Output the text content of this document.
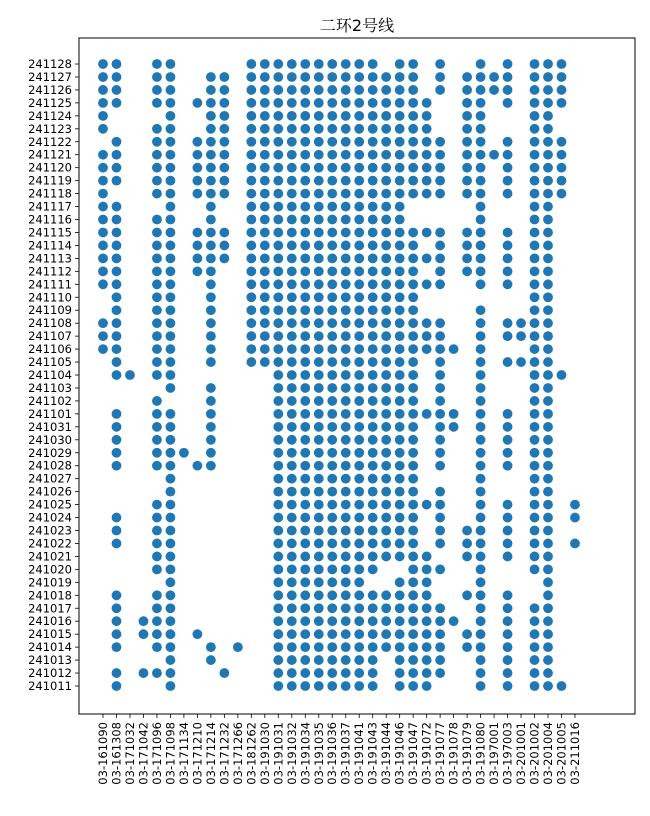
二环2号线
241011
241012
241013
241014
241015
241016
241017
241018
241019
241020
241021
241022
241023
241024
241025
241026
241027
241028
241029
241030
241031
241101
241102
241103
241104
241105
241106
241107
241108
241109
241110
241111
241112
241113
241114
241115
241116
241117
241118
241119
241120
241121
241122
241123
241124
241125
241126
241127
241128
03-161090 03-161308 03-171032 03-171042 03-171096 03-171098 03-171134 03-171210 03-171214 03-171232 03-171266 03-181262 03-191030 03-191031 03-191032 03-191034 03-191035 03-191036 03-191037 03-191041 03-191043 03-191044 03-191046 03-191047 03-191072 03-191077 03-191078 03-191079 03-191080 03-197001 03-197003 03-201001 03-201002 03-201004 03-201005 03-211016
